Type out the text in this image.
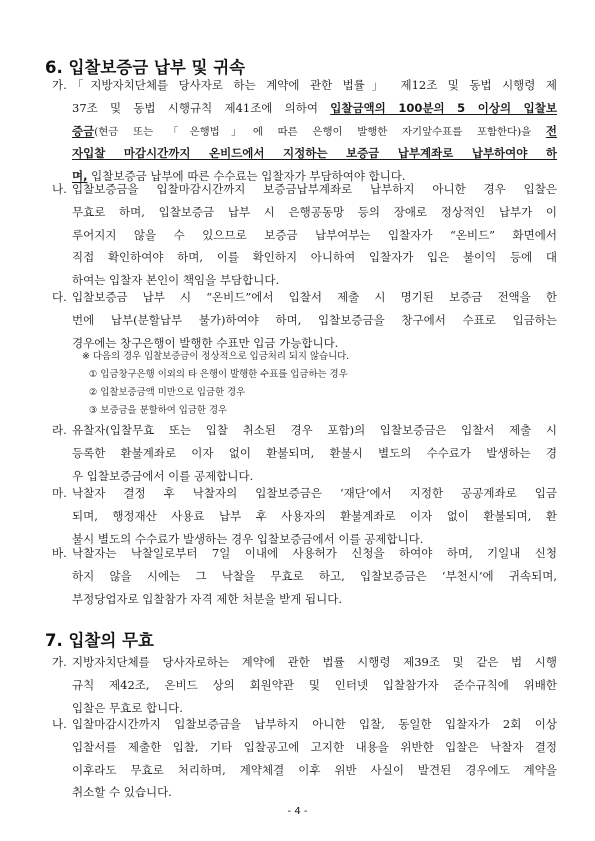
6. 입찰보증금 납부 및 귀속
가. 「지방자치단체를 당사자로 하는 계약에 관한 법률」 제12조 및 동법 시행령 제
37조 및 동법 시행규칙 제41조에 의하여 입찰금액의 100분의 5 이상의 입찰보
증금(현금 또는 「은행법」에 따른 은행이 발행한 자기앞수표를 포함한다)을 전
자입찰 마감시간까지 온비드에서 지정하는 보증금 납부계좌로 납부하여야 하
며, 입찰보증금 납부에 따른 수수료는 입찰자가 부담하여야 합니다.
나. 입찰보증금을 입찰마감시간까지 보증금납부계좌로 납부하지 아니한 경우 입찰은
무효로 하며, 입찰보증금 납부 시 은행공동망 등의 장애로 정상적인 납부가 이
루어지지 않을 수 있으므로 보증금 납부여부는 입찰자가 “온비드” 화면에서
직접 확인하여야 하며, 이를 확인하지 아니하여 입찰자가 입은 불이익 등에 대
하여는 입찰자 본인이 책임을 부담합니다.
다. 입찰보증금 납부 시 “온비드”에서 입찰서 제출 시 명기된 보증금 전액을 한
번에 납부(분할납부 불가)하여야 하며, 입찰보증금을 창구에서 수표로 입금하는
경우에는 창구은행이 발행한 수표만 입금 가능합니다.
※ 다음의 경우 입찰보증금이 정상적으로 입금처리 되지 않습니다.
① 입금창구은행 이외의 타 은행이 발행한 수표를 입금하는 경우
② 입찰보증금액 미만으로 입금한 경우
③ 보증금을 분할하여 입금한 경우
라. 유찰자(입찰무효 또는 입찰 취소된 경우 포함)의 입찰보증금은 입찰서 제출 시
등록한 환불계좌로 이자 없이 환불되며, 환불시 별도의 수수료가 발생하는 경
우 입찰보증금에서 이를 공제합니다.
마. 낙찰자 결정 후 낙찰자의 입찰보증금은 ‘재단’에서 지정한 공공계좌로 입금
되며, 행정재산 사용료 납부 후 사용자의 환불계좌로 이자 없이 환불되며, 환
불시 별도의 수수료가 발생하는 경우 입찰보증금에서 이를 공제합니다.
바. 낙찰자는 낙찰일로부터 7일 이내에 사용허가 신청을 하여야 하며, 기일내 신청
하지 않을 시에는 그 낙찰을 무효로 하고, 입찰보증금은 ‘부천시’에 귀속되며,
부정당업자로 입찰참가 자격 제한 처분을 받게 됩니다.
7. 입찰의 무효
가. 지방자치단체를 당사자로하는 계약에 관한 법률 시행령 제39조 및 같은 법 시행
규칙 제42조, 온비드 상의 회원약관 및 인터넷 입찰참가자 준수규칙에 위배한
입찰은 무효로 합니다.
나. 입찰마감시간까지 입찰보증금을 납부하지 아니한 입찰, 동일한 입찰자가 2회 이상
입찰서를 제출한 입찰, 기타 입찰공고에 고지한 내용을 위반한 입찰은 낙찰자 결정
이후라도 무효로 처리하며, 계약체결 이후 위반 사실이 발견된 경우에도 계약을
취소할 수 있습니다.
- 4 -
